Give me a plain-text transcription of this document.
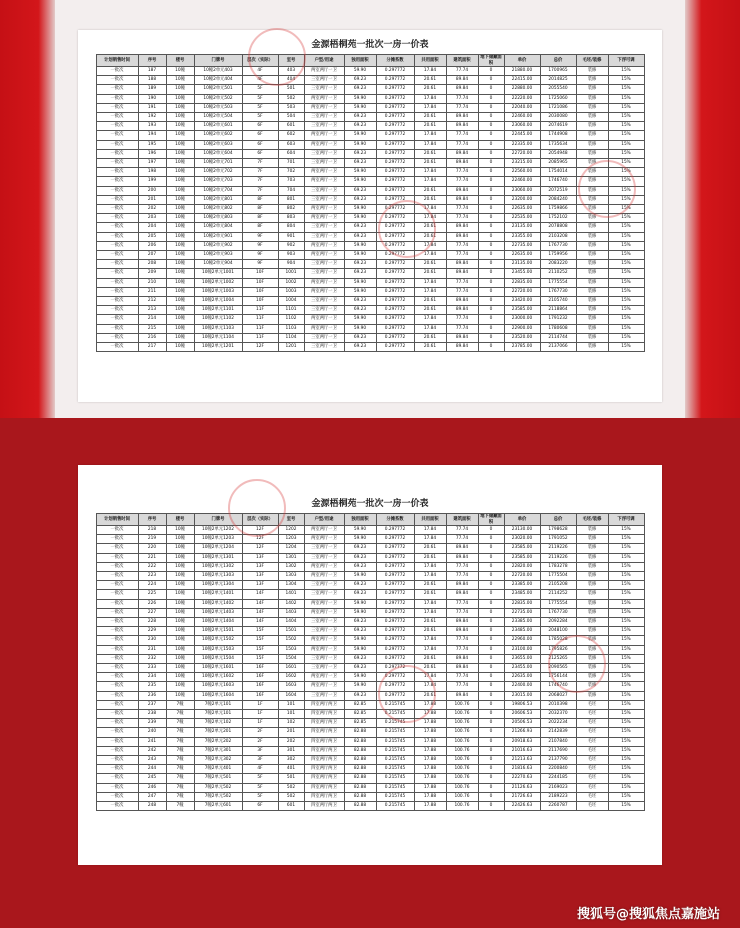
金源梧桐苑一批次一房一价表
计划销售时间	序号	楼号	门牌号	层次（实际）	室号	户型/用途	独用面积	分摊系数	共用面积	建筑面积	地下储藏面积	单价	总价	毛坯/装修	下浮可调
一批次	187	10幢	10幢2单元403	4F	403	两室两厅一卫	59.90	0.297772	17.84	77.74	0	21880.00	1700965	装修	15%
一批次	188	10幢	10幢2单元404	4F	404	三室两厅一卫	69.23	0.297772	20.61	89.84	0	22415.00	2014825	装修	15%
一批次	189	10幢	10幢2单元501	5F	501	三室两厅一卫	69.23	0.297772	20.61	89.84	0	22880.00	2055540	装修	15%
一批次	190	10幢	10幢2单元502	5F	502	两室两厅一卫	59.90	0.297772	17.84	77.74	0	22220.00	1725060	装修	15%
一批次	191	10幢	10幢2单元503	5F	503	两室两厅一卫	59.90	0.297772	17.84	77.74	0	22040.00	1721086	装修	15%
一批次	192	10幢	10幢2单元504	5F	504	三室两厅一卫	69.23	0.297772	20.61	89.84	0	22460.00	2030080	装修	15%
一批次	193	10幢	10幢2单元601	6F	601	三室两厅一卫	69.23	0.297772	20.61	89.84	0	23060.00	2074619	装修	15%
一批次	194	10幢	10幢2单元602	6F	602	两室两厅一卫	59.90	0.297772	17.84	77.74	0	22445.00	1744908	装修	15%
一批次	195	10幢	10幢2单元603	6F	603	两室两厅一卫	59.90	0.297772	17.84	77.74	0	22335.00	1735634	装修	15%
一批次	196	10幢	10幢2单元604	6F	604	三室两厅一卫	69.23	0.297772	20.61	89.84	0	22720.00	2054948	装修	15%
一批次	197	10幢	10幢2单元701	7F	701	三室两厅一卫	69.23	0.297772	20.61	89.84	0	23215.00	2085965	装修	15%
一批次	198	10幢	10幢2单元702	7F	702	两室两厅一卫	59.90	0.297772	17.84	77.74	0	22560.00	1754014	装修	15%
一批次	199	10幢	10幢2单元703	7F	703	两室两厅一卫	59.90	0.297772	17.84	77.74	0	22460.00	1746740	装修	15%
一批次	200	10幢	10幢2单元704	7F	704	三室两厅一卫	69.23	0.297772	20.61	89.84	0	23060.00	2072519	装修	15%
一批次	201	10幢	10幢2单元801	8F	801	三室两厅一卫	69.23	0.297772	20.61	89.84	0	23200.00	2084240	装修	15%
一批次	202	10幢	10幢2单元802	8F	802	两室两厅一卫	59.90	0.297772	17.84	77.74	0	22635.00	1759866	装修	15%
一批次	203	10幢	10幢2单元803	8F	803	两室两厅一卫	59.90	0.297772	17.84	77.74	0	22535.00	1752102	装修	15%
一批次	204	10幢	10幢2单元804	8F	804	三室两厅一卫	69.23	0.297772	20.61	89.84	0	23135.00	2078808	装修	15%
一批次	205	10幢	10幢2单元901	9F	901	三室两厅一卫	69.23	0.297772	20.61	89.84	0	23355.00	2103208	装修	15%
一批次	206	10幢	10幢2单元902	9F	902	两室两厅一卫	59.90	0.297772	17.84	77.74	0	22735.00	1767730	装修	15%
一批次	207	10幢	10幢2单元903	9F	903	两室两厅一卫	59.90	0.297772	17.84	77.74	0	22635.00	1759956	装修	15%
一批次	208	10幢	10幢2单元904	9F	904	三室两厅一卫	69.23	0.297772	20.61	89.84	0	23135.00	2083220	装修	15%
一批次	209	10幢	10幢2单元1001	10F	1001	三室两厅一卫	69.23	0.297772	20.61	89.84	0	23455.00	2110252	装修	15%
一批次	210	10幢	10幢2单元1002	10F	1002	两室两厅一卫	59.90	0.297772	17.84	77.74	0	22835.00	1775554	装修	15%
一批次	211	10幢	10幢2单元1003	10F	1003	两室两厅一卫	59.90	0.297772	17.84	77.74	0	22720.00	1767730	装修	15%
一批次	212	10幢	10幢2单元1004	10F	1004	三室两厅一卫	69.23	0.297772	20.61	89.84	0	23420.00	2105740	装修	15%
一批次	213	10幢	10幢2单元1101	11F	1101	三室两厅一卫	69.23	0.297772	20.61	89.84	0	23585.00	2118864	装修	15%
一批次	214	10幢	10幢2单元1102	11F	1102	两室两厅一卫	59.90	0.297772	17.84	77.74	0	23000.00	1791232	装修	15%
一批次	215	10幢	10幢2单元1103	11F	1103	两室两厅一卫	59.90	0.297772	17.84	77.74	0	22900.00	1780608	装修	15%
一批次	216	10幢	10幢2单元1104	11F	1104	三室两厅一卫	69.23	0.297772	20.61	89.84	0	23520.00	2114744	装修	15%
一批次	217	10幢	10幢2单元1201	12F	1201	三室两厅一卫	69.23	0.297772	20.61	89.84	0	23785.00	2137066	装修	15%
金源梧桐苑一批次一房一价表
计划销售时间	序号	楼号	门牌号	层次（实际）	室号	户型/用途	独用面积	分摊系数	共用面积	建筑面积	地下储藏面积	单价	总价	毛坯/装修	下浮可调
一批次	218	10幢	10幢2单元1202	12F	1202	两室两厅一卫	59.90	0.297772	17.84	77.74	0	23130.00	1798628	装修	15%
一批次	219	10幢	10幢2单元1203	12F	1203	两室两厅一卫	59.90	0.297772	17.84	77.74	0	23020.00	1791052	装修	15%
一批次	220	10幢	10幢2单元1204	12F	1204	三室两厅一卫	69.23	0.297772	20.61	89.84	0	23585.00	2119226	装修	15%
一批次	221	10幢	10幢2单元1301	13F	1301	三室两厅一卫	69.23	0.297772	20.61	89.84	0	23585.00	2119226	装修	15%
一批次	222	10幢	10幢2单元1302	13F	1302	两室两厅一卫	69.23	0.297772	17.84	77.74	0	22820.00	1783278	装修	15%
一批次	223	10幢	10幢2单元1303	13F	1303	两室两厅一卫	59.90	0.297772	17.84	77.74	0	22720.00	1775504	装修	15%
一批次	224	10幢	10幢2单元1304	13F	1304	三室两厅一卫	69.23	0.297772	20.61	89.84	0	23385.00	2105208	装修	15%
一批次	225	10幢	10幢2单元1401	14F	1401	三室两厅一卫	69.23	0.297772	20.61	89.84	0	23485.00	2114252	装修	15%
一批次	226	10幢	10幢2单元1402	14F	1402	两室两厅一卫	59.90	0.297772	17.84	77.74	0	22835.00	1775554	装修	15%
一批次	227	10幢	10幢2单元1403	14F	1403	两室两厅一卫	59.90	0.297772	17.84	77.74	0	22735.00	1767730	装修	15%
一批次	228	10幢	10幢2单元1404	14F	1404	三室两厅一卫	69.23	0.297772	20.61	89.84	0	23385.00	2092284	装修	15%
一批次	229	10幢	10幢2单元1501	15F	1501	三室两厅一卫	69.23	0.297772	20.61	89.84	0	23485.00	2048100	装修	15%
一批次	230	10幢	10幢2单元1502	15F	1502	两室两厅一卫	59.90	0.297772	17.84	77.74	0	22960.00	1785028	装修	15%
一批次	231	10幢	10幢2单元1503	15F	1503	两室两厅一卫	59.90	0.297772	17.84	77.74	0	23100.00	1795826	装修	15%
一批次	232	10幢	10幢2单元1504	15F	1504	三室两厅一卫	69.23	0.297772	20.61	89.84	0	23655.00	2125265	装修	15%
一批次	233	10幢	10幢2单元1601	16F	1601	三室两厅一卫	69.23	0.297772	20.61	89.84	0	23455.00	2090565	装修	15%
一批次	234	10幢	10幢2单元1602	16F	1602	两室两厅一卫	59.90	0.297772	17.84	77.74	0	22635.00	1756144	装修	15%
一批次	235	10幢	10幢2单元1603	16F	1603	两室两厅一卫	59.90	0.297772	17.84	77.74	0	22400.00	1746740	装修	15%
一批次	236	10幢	10幢2单元1604	16F	1604	三室两厅一卫	69.23	0.297772	20.61	89.84	0	23015.00	2068027	装修	15%
一批次	237	7幢	7幢2单元101	1F	101	四室两厅两卫	82.85	0.215745	17.88	100.76	0	19806.53	2010398	毛坯	15%
一批次	238	7幢	7幢2单元101	1F	101	四室两厅两卫	82.85	0.215745	17.88	100.76	0	20606.53	2032370	毛坯	15%
一批次	239	7幢	7幢2单元102	1F	102	四室两厅两卫	82.85	0.215745	17.88	100.76	0	20506.53	2022234	毛坯	15%
一批次	240	7幢	7幢2单元201	2F	201	四室两厅两卫	82.88	0.215745	17.88	100.76	0	21266.93	2142839	毛坯	15%
一批次	241	7幢	7幢2单元202	2F	202	四室两厅两卫	82.88	0.215745	17.88	100.76	0	20918.63	2107840	毛坯	15%
一批次	242	7幢	7幢2单元301	3F	301	四室两厅两卫	82.88	0.215745	17.88	100.76	0	21016.63	2117690	毛坯	15%
一批次	243	7幢	7幢2单元302	3F	302	四室两厅两卫	82.88	0.215745	17.88	100.76	0	21213.63	2137790	毛坯	15%
一批次	244	7幢	7幢2单元401	4F	401	四室两厅两卫	82.88	0.215745	17.88	100.76	0	21816.63	2200840	毛坯	15%
一批次	245	7幢	7幢2单元501	5F	501	四室两厅两卫	82.88	0.215745	17.88	100.76	0	22270.63	2244185	毛坯	15%
一批次	246	7幢	7幢2单元502	5F	502	四室两厅两卫	82.88	0.215745	17.88	100.76	0	21126.63	2169023	毛坯	15%
一批次	247	7幢	7幢2单元502	5F	502	四室两厅两卫	82.88	0.215745	17.88	100.76	0	21726.63	2189223	毛坯	15%
一批次	248	7幢	7幢2单元601	6F	601	四室两厅两卫	82.88	0.215745	17.88	100.76	0	22426.63	2260787	毛坯	15%
搜狐号@搜狐焦点嘉施站
